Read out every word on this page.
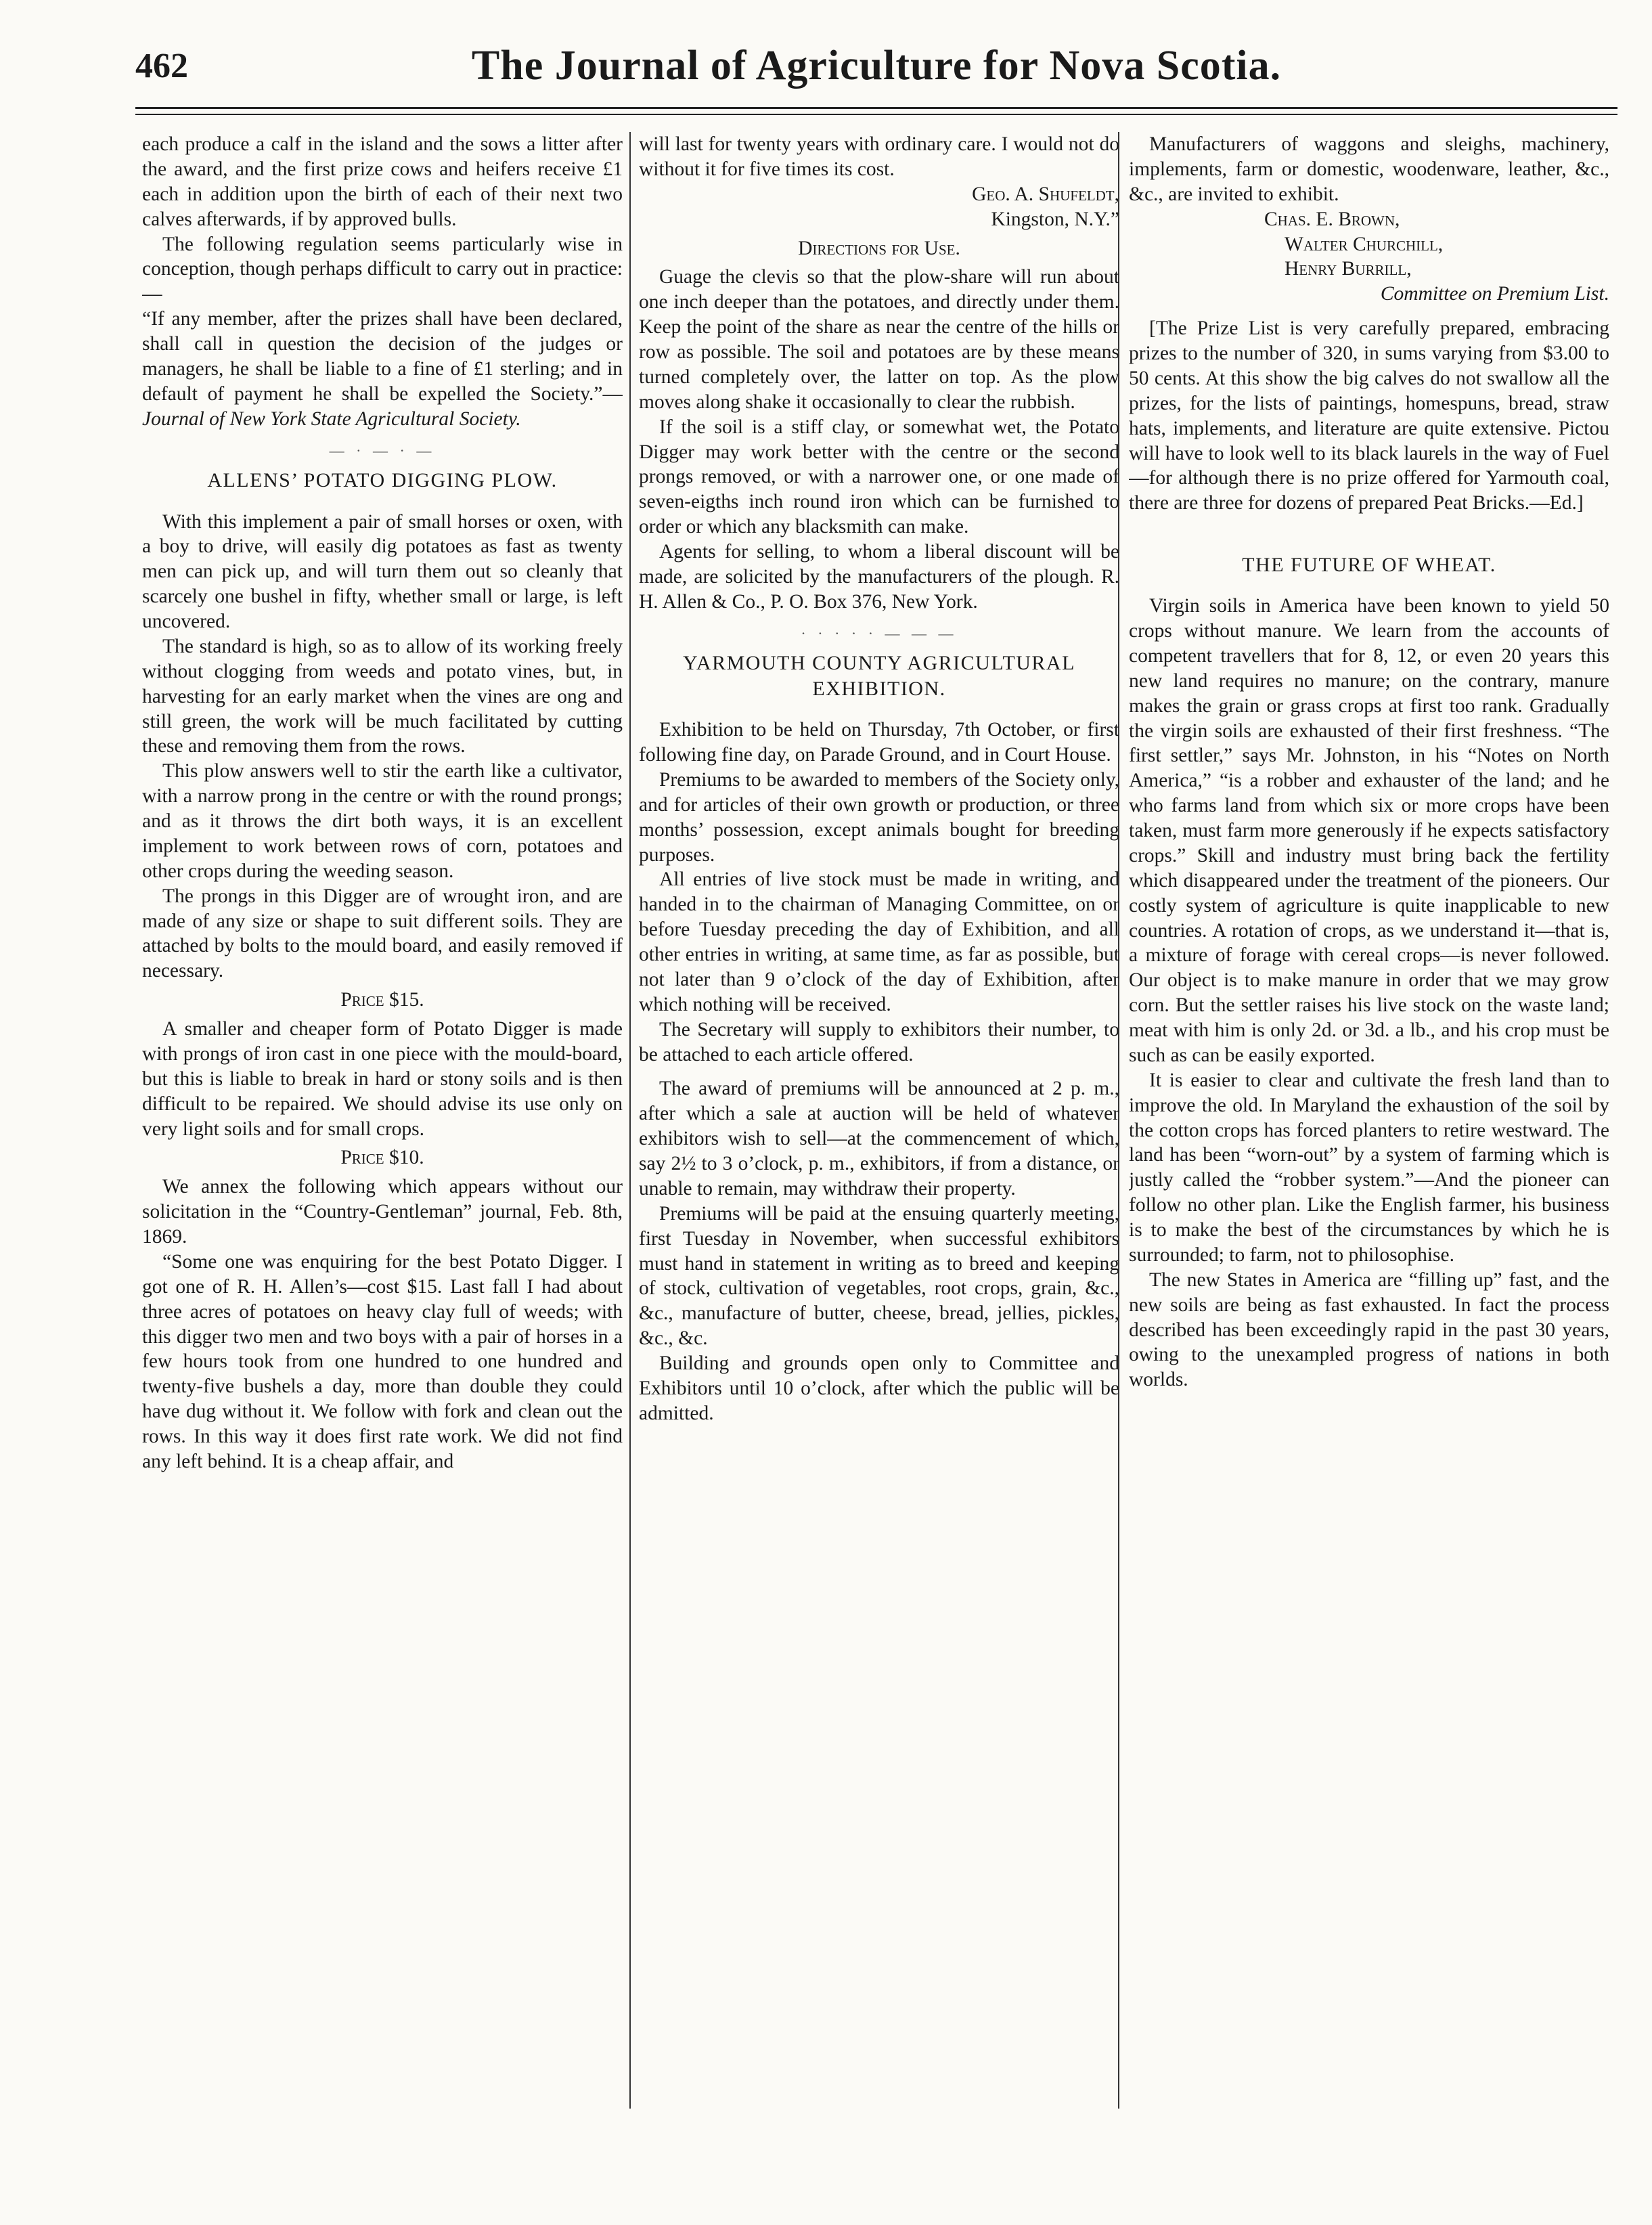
462	The Journal of Agriculture for Nova Scotia.

each produce a calf in the island and the sows a litter after the award, and the first prize cows and heifers receive £1 each in addition upon the birth of each of their next two calves afterwards, if by approved bulls.

The following regulation seems particularly wise in conception, though perhaps difficult to carry out in practice:—

“If any member, after the prizes shall have been declared, shall call in question the decision of the judges or managers, he shall be liable to a fine of £1 sterling; and in default of payment he shall be expelled the Society.”—Journal of New York State Agricultural Society.

— · — · —
ALLENS’ POTATO DIGGING PLOW.

With this implement a pair of small horses or oxen, with a boy to drive, will easily dig potatoes as fast as twenty men can pick up, and will turn them out so cleanly that scarcely one bushel in fifty, whether small or large, is left uncovered.

The standard is high, so as to allow of its working freely without clogging from weeds and potato vines, but, in harvesting for an early market when the vines are ong and still green, the work will be much facilitated by cutting these and removing them from the rows.

This plow answers well to stir the earth like a cultivator, with a narrow prong in the centre or with the round prongs; and as it throws the dirt both ways, it is an excellent implement to work between rows of corn, potatoes and other crops during the weeding season.

The prongs in this Digger are of wrought iron, and are made of any size or shape to suit different soils. They are attached by bolts to the mould board, and easily removed if necessary.

Price $15.

A smaller and cheaper form of Potato Digger is made with prongs of iron cast in one piece with the mould-board, but this is liable to break in hard or stony soils and is then difficult to be repaired. We should advise its use only on very light soils and for small crops.

Price $10.

We annex the following which appears without our solicitation in the “Country-Gentleman” journal, Feb. 8th, 1869.

“Some one was enquiring for the best Potato Digger. I got one of R. H. Allen’s—cost $15. Last fall I had about three acres of potatoes on heavy clay full of weeds; with this digger two men and two boys with a pair of horses in a few hours took from one hundred to one hundred and twenty-five bushels a day, more than double they could have dug without it. We follow with fork and clean out the rows. In this way it does first rate work. We did not find any left behind. It is a cheap affair, and

will last for twenty years with ordinary care. I would not do without it for five times its cost.

Geo. A. Shufeldt,

Kingston, N.Y.”

Directions for Use.

Guage the clevis so that the plow-share will run about one inch deeper than the potatoes, and directly under them. Keep the point of the share as near the centre of the hills or row as possible. The soil and potatoes are by these means turned completely over, the latter on top. As the plow moves along shake it occasionally to clear the rubbish.

If the soil is a stiff clay, or somewhat wet, the Potato Digger may work better with the centre or the second prongs removed, or with a narrower one, or one made of seven-eigths inch round iron which can be furnished to order or which any blacksmith can make.

Agents for selling, to whom a liberal discount will be made, are solicited by the manufacturers of the plough. R. H. Allen & Co., P. O. Box 376, New York.

· · · · · — — —
YARMOUTH COUNTY AGRICULTURAL EXHIBITION.

Exhibition to be held on Thursday, 7th October, or first following fine day, on Parade Ground, and in Court House.

Premiums to be awarded to members of the Society only, and for articles of their own growth or production, or three months’ possession, except animals bought for breeding purposes.

All entries of live stock must be made in writing, and handed in to the chairman of Managing Committee, on or before Tuesday preceding the day of Exhibition, and all other entries in writing, at same time, as far as possible, but not later than 9 o’clock of the day of Exhibition, after which nothing will be received.

The Secretary will supply to exhibitors their number, to be attached to each article offered.

The award of premiums will be announced at 2 p. m., after which a sale at auction will be held of whatever exhibitors wish to sell—at the commencement of which, say 2½ to 3 o’clock, p. m., exhibitors, if from a distance, or unable to remain, may withdraw their property.

Premiums will be paid at the ensuing quarterly meeting, first Tuesday in November, when successful exhibitors must hand in statement in writing as to breed and keeping of stock, cultivation of vegetables, root crops, grain, &c., &c., manufacture of butter, cheese, bread, jellies, pickles, &c., &c.

Building and grounds open only to Committee and Exhibitors until 10 o’clock, after which the public will be admitted.

Manufacturers of waggons and sleighs, machinery, implements, farm or domestic, woodenware, leather, &c., &c., are invited to exhibit.

Chas. E. Brown,

Walter Churchill,

Henry Burrill,

Committee on Premium List.

[The Prize List is very carefully prepared, embracing prizes to the number of 320, in sums varying from $3.00 to 50 cents. At this show the big calves do not swallow all the prizes, for the lists of paintings, homespuns, bread, straw hats, implements, and literature are quite extensive. Pictou will have to look well to its black laurels in the way of Fuel—for although there is no prize offered for Yarmouth coal, there are three for dozens of prepared Peat Bricks.—Ed.]

THE FUTURE OF WHEAT.

Virgin soils in America have been known to yield 50 crops without manure. We learn from the accounts of competent travellers that for 8, 12, or even 20 years this new land requires no manure; on the contrary, manure makes the grain or grass crops at first too rank. Gradually the virgin soils are exhausted of their first freshness. “The first settler,” says Mr. Johnston, in his “Notes on North America,” “is a robber and exhauster of the land; and he who farms land from which six or more crops have been taken, must farm more generously if he expects satisfactory crops.” Skill and industry must bring back the fertility which disappeared under the treatment of the pioneers. Our costly system of agriculture is quite inapplicable to new countries. A rotation of crops, as we understand it—that is, a mixture of forage with cereal crops—is never followed. Our object is to make manure in order that we may grow corn. But the settler raises his live stock on the waste land; meat with him is only 2d. or 3d. a lb., and his crop must be such as can be easily exported.

It is easier to clear and cultivate the fresh land than to improve the old. In Maryland the exhaustion of the soil by the cotton crops has forced planters to retire westward. The land has been “worn-out” by a system of farming which is justly called the “robber system.”—And the pioneer can follow no other plan. Like the English farmer, his business is to make the best of the circumstances by which he is surrounded; to farm, not to philosophise.

The new States in America are “filling up” fast, and the new soils are being as fast exhausted. In fact the process described has been exceedingly rapid in the past 30 years, owing to the unexampled progress of nations in both worlds.
